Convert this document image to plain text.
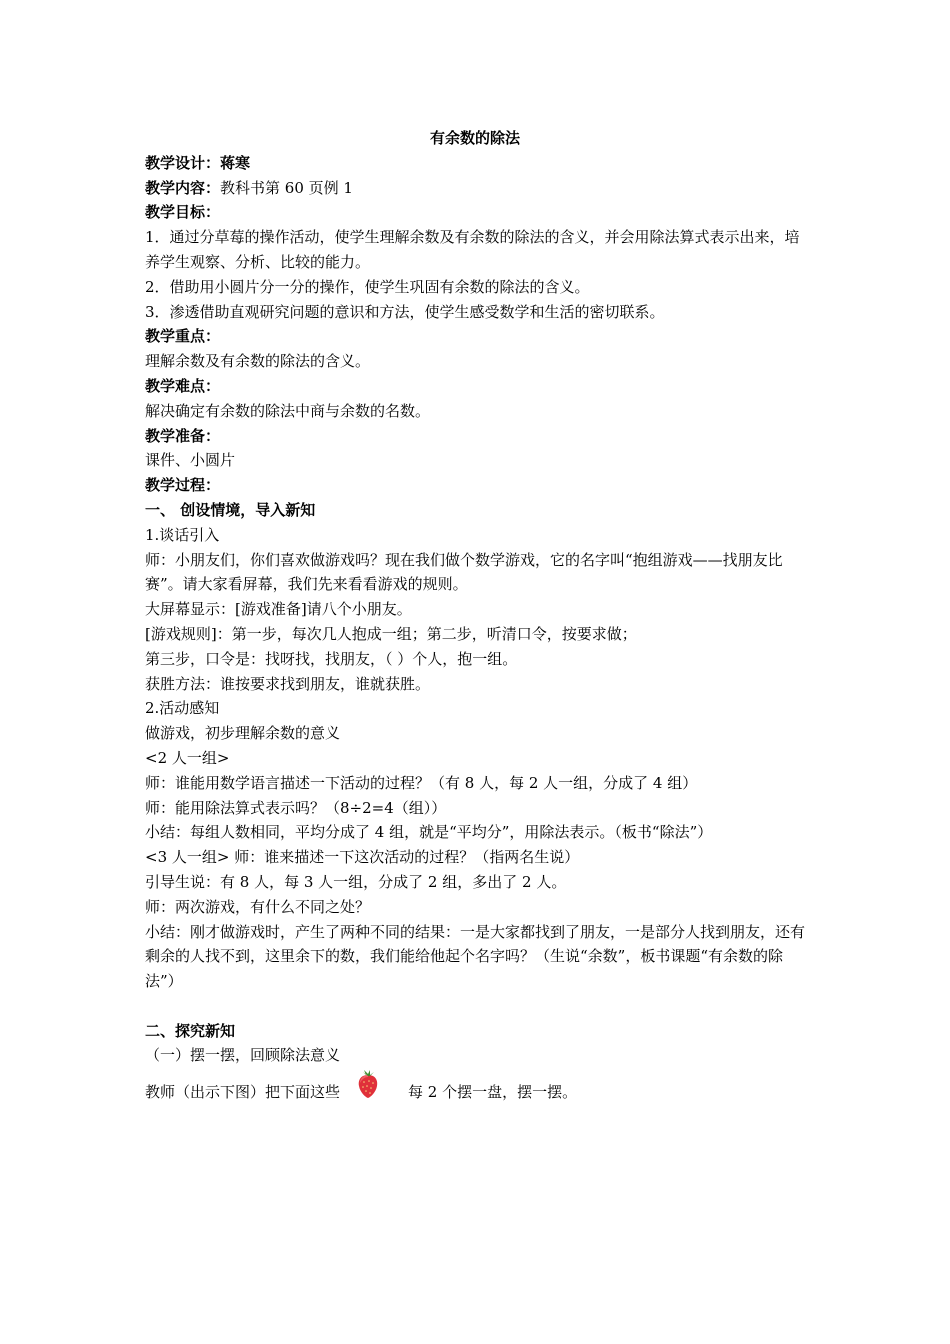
有余数的除法

教学设计：蒋寒

教学内容：教科书第 60 页例 1

教学目标：

1．通过分草莓的操作活动，使学生理解余数及有余数的除法的含义，并会用除法算式表示出来，培养学生观察、分析、比较的能力。

2．借助用小圆片分一分的操作，使学生巩固有余数的除法的含义。

3．渗透借助直观研究问题的意识和方法，使学生感受数学和生活的密切联系。

教学重点：

理解余数及有余数的除法的含义。

教学难点：

解决确定有余数的除法中商与余数的名数。

教学准备：

课件、小圆片

教学过程：

一、 创设情境，导入新知

1.谈话引入

师：小朋友们，你们喜欢做游戏吗？现在我们做个数学游戏，它的名字叫“抱组游戏——找朋友比赛”。请大家看屏幕，我们先来看看游戏的规则。

大屏幕显示：[游戏准备]请八个小朋友。

[游戏规则]：第一步，每次几人抱成一组；第二步，听清口令，按要求做；

第三步，口令是：找呀找，找朋友，（ ）个人，抱一组。

获胜方法：谁按要求找到朋友，谁就获胜。

2.活动感知

做游戏，初步理解余数的意义

<2 人一组>

师：谁能用数学语言描述一下活动的过程？（有 8 人，每 2 人一组，分成了 4 组）

师：能用除法算式表示吗？（8÷2=4（组））

小结：每组人数相同，平均分成了 4 组，就是“平均分”，用除法表示。（板书“除法”）

<3 人一组> 师：谁来描述一下这次活动的过程？（指两名生说）

引导生说：有 8 人，每 3 人一组，分成了 2 组，多出了 2 人。

师：两次游戏，有什么不同之处？

小结：刚才做游戏时，产生了两种不同的结果：一是大家都找到了朋友，一是部分人找到朋友，还有剩余的人找不到，这里余下的数，我们能给他起个名字吗？（生说“余数”，板书课题“有余数的除法”）

二、探究新知

（一）摆一摆，回顾除法意义

教师（出示下图）把下面这些	每 2 个摆一盘，摆一摆。
